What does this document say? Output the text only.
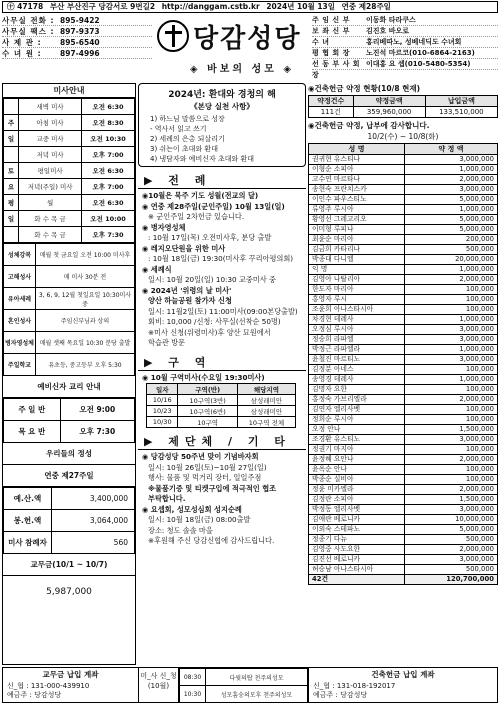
㊉ 47178 부산 부산진구 당감서로 9번길2 http://danggam.cstb.kr 2024년 10월 13일 연중 제28주일
사무실 전화 : 895-9422
사무실 팩스 : 897-9373
사 제 관 :	895-6540
수 녀 원 :	897-4996	당감성당
◈ 바보의 성모 ◈
주 임 신 부	이동화 타라쿠스
보 좌 신 부	김진호 바오로
수 녀	홍리베따노, 성베네딕도 수녀회
평 협 회 장	노진석 마르코(010-6864-2163)
선 동 부 사 회 장
이대홍 요 셉(010-5480-5354)
미사안내
	새벽 미사	오전 6:30
주	아침 미사	오전 8:30
일	교중 미사	오전 10:30
	저녁 미사	오후 7:00
토	평일미사	오전 6:30
요	저녁(주일) 미사	오후 7:00
평	월	오전 6:30
일	화 수 목 금	오전 10:00
	화 수 목 금	오후 7:30
성체강복	매월 첫 금요일 오전 10:00 미사후
고해성사	매 미사 30분 전
유아세례	3, 6, 9, 12월 첫일요일 10:30미사중
혼인성사	주임신부님과 상의
병자영성체	매월 셋째 목요일 10:30 분당 출발
주일학교	유초등, 중고등부 오후 5:30
예비신자 교리 안내
주 일 반	오전 9:00
목 요 반	오후 7:30
우리들의 정성
연중 제27주일
예.산.액	3,400,000
봉.헌.액	3,064,000
미사 참례자	560
교무금(10/1 ~ 10/7)
5,987,000
2024년: 환대와 경청의 해
《본당 실천 사항》
1) 하느님 말씀으로 성장
- 역사서 읽고 쓰기
2) 세례의 은총 되살리기
3) 쉬는이 초대와 환대
4) 냉담자와 예비신자 초대와 환대
▶ 전 례
◉10월은 묵주 기도 성월(전교의 달)
◉ 연중 제28주일(군인주일) 10월 13일(일)
※ 군인주일 2차헌금 있습니다.
◉ 병자영성체
: 10월 17일(목) 오전미사후, 분당 출발
◉ 레지오단원을 위한 미사
: 10월 18일(금) 19:30(미사후 꾸리아평의회)
◉ 세례식
일시: 10월 20일(일) 10:30 교중미사 중
◉ 2024년 '위령의 날 미사'
양산 하늘공원 참가자 신청
일시: 11월2일(토) 11:00미사(09:00본당출발)
회비: 10,000 /신청: 사무실(선착순 50명)
※미사 신청(위령미사)후 양산 묘원에서
학습관 방문
▶ 구 역
◉ 10월 구역미사(수요일 19:30미사)
일자	구역(반)	해당지역
10/16	10구역(3반)	삼성래미안
10/23	10구역(6반)	삼성래미안
10/30	10구역	10구역 전체
▶ 제단체 / 기 타
◉ 당감성당 50주년 맞이 기념바자회
일시: 10월 26일(토)~10월 27일(일)
행사: 물품 및 먹거리 장터, 일일주점
※물품기증 및 티켓구입에 적극적인 협조
부탁합니다.
◉ 요셉회, 성모성심회 성지순례
일시: 10월 18일(금) 08:00출발
장소: 청도 솔솔 마을
※후원해 주신 당감신협에 감사드립니다.
◉건축헌금 약정 현황(10/8 현재)
약정건수	약정금액	납입금액
111건	359,960,000	133,510,000
◉건축헌금 약정, 납부에 감사합니다.
10/2(수) ~ 10/8(화)
성 명	약 정 액
권귀현 유스티나	3,000,000
이형순 소피아	1,000,000
고수연 마르타나	2,000,000
송현숙 프란치스카	3,000,000
이인수 파우스티노	5,000,000
류영주 루시아	1,000,000
황영선 그레고리오	5,000,000
이미형 루피나	5,000,000
최윤순 마리아	200,000
김금희 카타리나	500,000
박종대 다니엘	20,000,000
익 명	1,000,000
김영아 나탈리아	2,000,000
한도자 마리아	100,000
홍영자 루시	100,000
조윤희 아나스타시아	100,000
차경현 데레사	1,000,000
오정심 루시아	3,000,000
정승희 라파엘	3,000,000
박정근 라파엘라	1,000,000
윤철진 마르티노	3,000,000
김정분 아네스	100,000
송영경 데레사	1,000,000
김명자 요한	100,000
홍정숙 가브리엘라	2,000,000
김연자 엘리사벳	100,000
정희순 루시아	100,000
오정 안나	1,500,000
조경환 유스티노	3,000,000
정권기 마지아	100,000
윤정혜 요안나	2,000,000
윤옥순 안나	100,000
박종순 실비아	100,000
정윤 미카엘라	2,000,000
김정란 소피아	1,500,000
박정동 엘리사벳	3,000,000
김애란 베로니카	10,000,000
이외숙 스테파노	5,000,000
정종기 다뉴	500,000
김영중 사도요한	2,000,000
김진선 베로니카	3,000,000
허승남 아나스타시아	500,000
42건	120,700,000
교무금 납입 계좌
신_협 : 131-000-439910
예금주 : 당감성당
미_사 신_청 (10월)
08:30	다윗의탑 천주의성모
10:30	성모흠숭의모후 천주의성모
건축헌금 납입 계좌
신_협 : 131-018-192017
예금주 : 당감성당
